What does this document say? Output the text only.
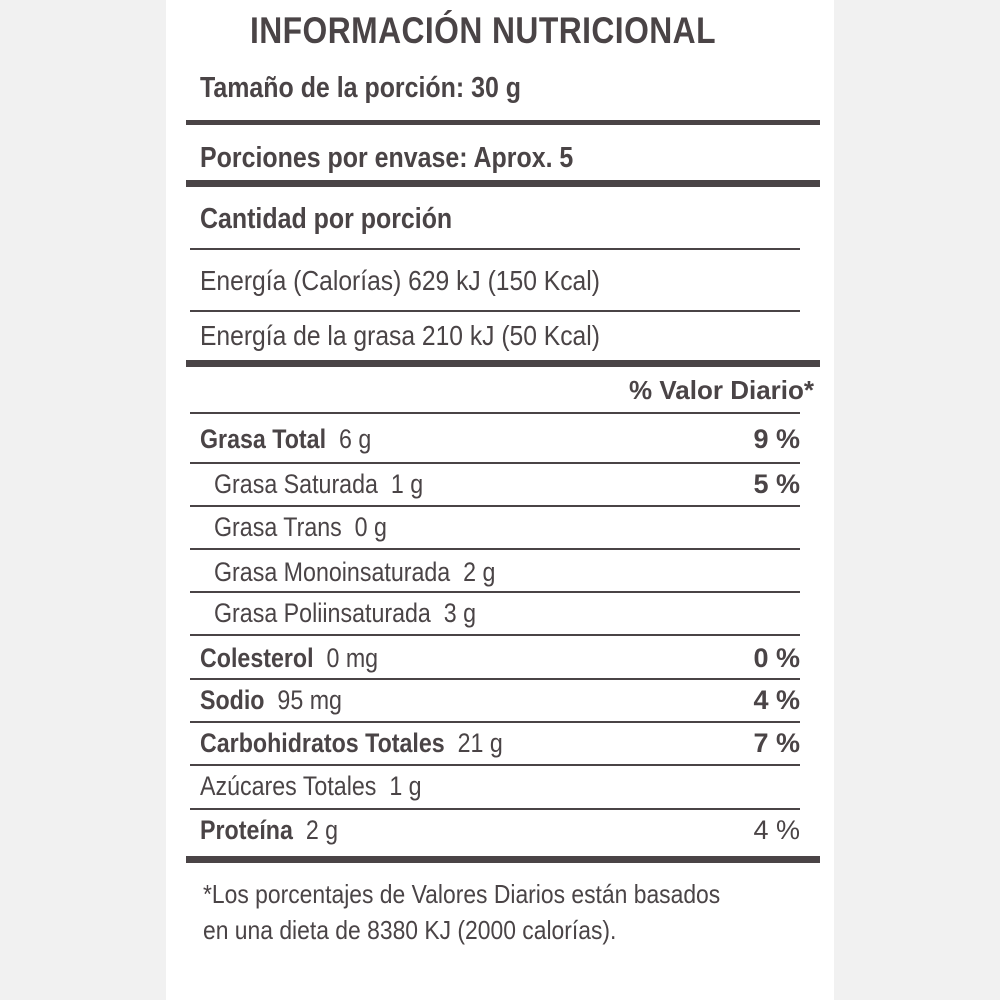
INFORMACIÓN NUTRICIONAL
Tamaño de la porción: 30 g
Porciones por envase: Aprox. 5
Cantidad por porción
Energía (Calorías) 629 kJ (150 Kcal)
Energía de la grasa 210 kJ (50 Kcal)
% Valor Diario*
Grasa Total 6 g	9 %
Grasa Saturada 1 g	5 %
Grasa Trans 0 g
Grasa Monoinsaturada 2 g
Grasa Poliinsaturada 3 g
Colesterol 0 mg	0 %
Sodio 95 mg	4 %
Carbohidratos Totales 21 g	7 %
Azúcares Totales 1 g
Proteína 2 g	4 %
*Los porcentajes de Valores Diarios están basados
en una dieta de 8380 KJ (2000 calorías).
